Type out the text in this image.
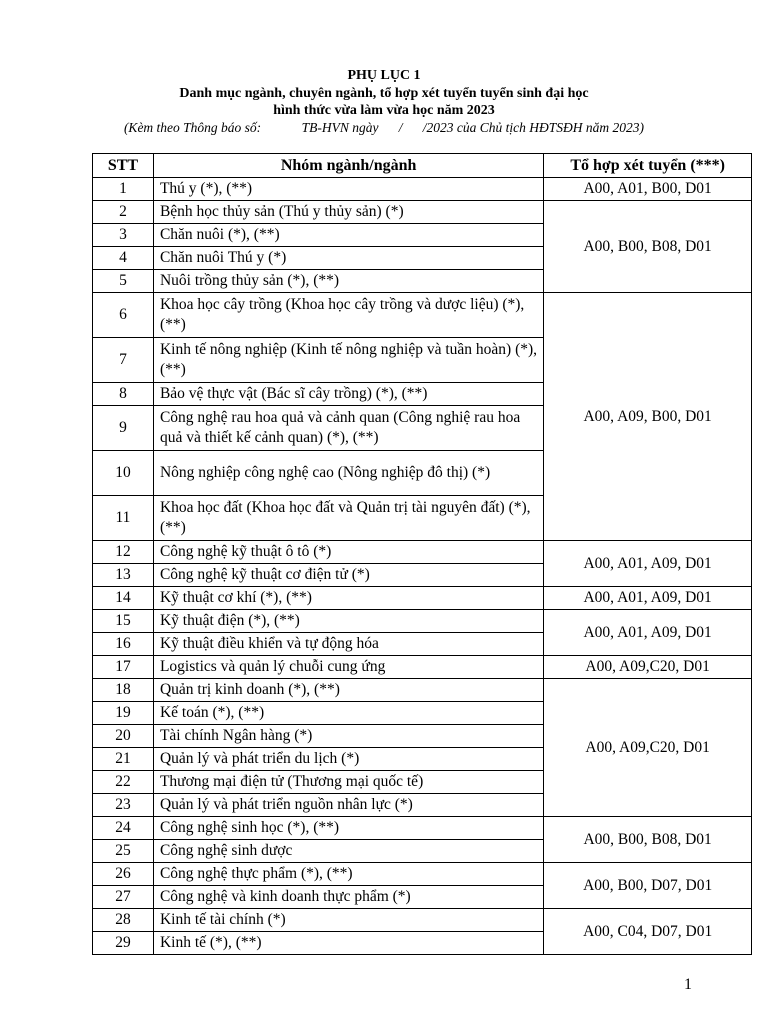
PHỤ LỤC 1
Danh mục ngành, chuyên ngành, tổ hợp xét tuyển tuyển sinh đại học
hình thức vừa làm vừa học năm 2023
(Kèm theo Thông báo số:            TB-HVN ngày      /      /2023 của Chủ tịch HĐTSĐH năm 2023)
STT	Nhóm ngành/ngành	Tổ hợp xét tuyển (***)
1	Thú y (*), (**)	A00, A01, B00, D01
2	Bệnh học thủy sản (Thú y thủy sản) (*)	A00, B00, B08, D01
3	Chăn nuôi (*), (**)	
4	Chăn nuôi Thú y (*)	
5	Nuôi trồng thủy sản (*), (**)	
6	Khoa học cây trồng (Khoa học cây trồng và dược liệu) (*), (**)	A00, A09, B00, D01
7	Kinh tế nông nghiệp (Kinh tế nông nghiệp và tuần hoàn) (*), (**)	
8	Bảo vệ thực vật (Bác sĩ cây trồng) (*), (**)	
9	Công nghệ rau hoa quả và cảnh quan (Công nghiệ rau hoa quả và thiết kế cảnh quan) (*), (**)	
10	Nông nghiệp công nghệ cao (Nông nghiệp đô thị) (*)	
11	Khoa học đất (Khoa học đất và Quản trị tài nguyên đất) (*), (**)	
12	Công nghệ kỹ thuật ô tô (*)	A00, A01, A09, D01
13	Công nghệ kỹ thuật cơ điện tử (*)	
14	Kỹ thuật cơ khí (*), (**)	A00, A01, A09, D01
15	Kỹ thuật điện (*), (**)	A00, A01, A09, D01
16	Kỹ thuật điều khiển và tự động hóa	
17	Logistics và quản lý chuỗi cung ứng	A00, A09,C20, D01
18	Quản trị kinh doanh (*), (**)	A00, A09,C20, D01
19	Kế toán (*), (**)	
20	Tài chính Ngân hàng (*)	
21	Quản lý và phát triển du lịch (*)	
22	Thương mại điện tử (Thương mại quốc tế)	
23	Quản lý và phát triển nguồn nhân lực (*)	
24	Công nghệ sinh học (*), (**)	A00, B00, B08, D01
25	Công nghệ sinh dược	
26	Công nghệ thực phẩm (*), (**)	A00, B00, D07, D01
27	Công nghệ và kinh doanh thực phẩm (*)	
28	Kinh tế tài chính (*)	A00, C04, D07, D01
29	Kinh tế (*), (**)	
1
